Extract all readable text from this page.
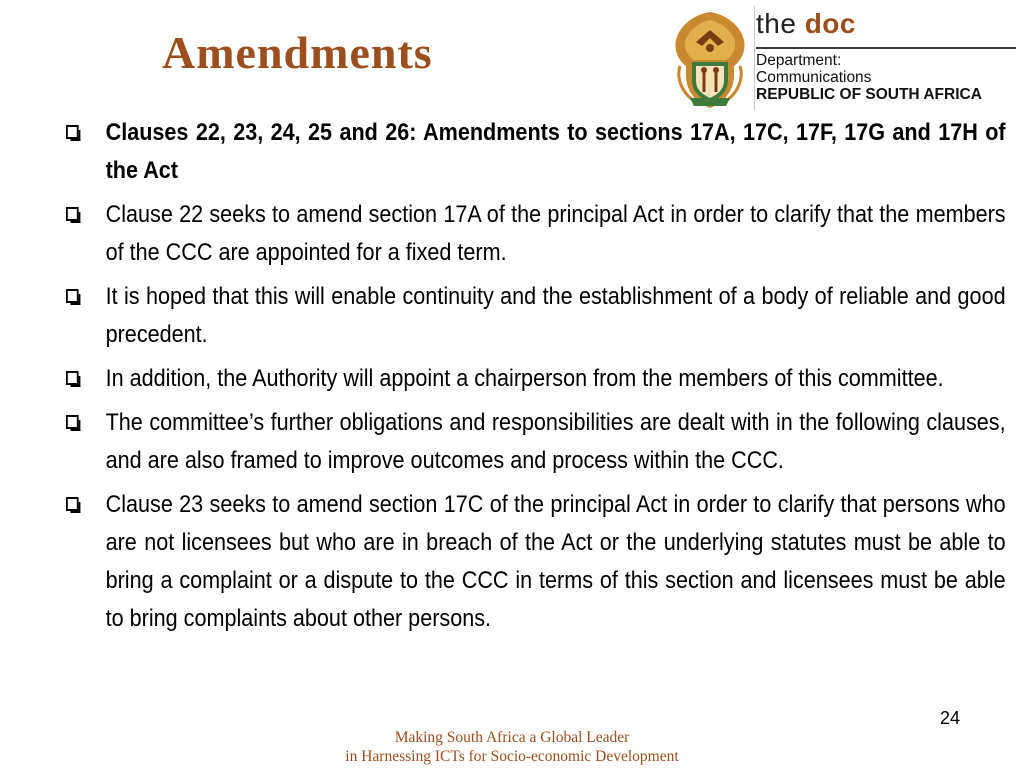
Amendments
the doc
Department:
Communications
REPUBLIC OF SOUTH AFRICA
Clauses 22, 23, 24, 25 and 26: Amendments to sections 17A, 17C, 17F, 17G and 17H of the Act
Clause 22 seeks to amend section 17A of the principal Act in order to clarify that the members of the CCC are appointed for a fixed term.
It is hoped that this will enable continuity and the establishment of a body of reliable and good precedent.
In addition, the Authority will appoint a chairperson from the members of this committee.
The committee’s further obligations and responsibilities are dealt with in the following clauses, and are also framed to improve outcomes and process within the CCC.
Clause 23 seeks to amend section 17C of the principal Act in order to clarify that persons who are not licensees but who are in breach of the Act or the underlying statutes must be able to bring a complaint or a dispute to the CCC in terms of this section and licensees must be able to bring complaints about other persons.
24
Making South Africa a Global Leader
in Harnessing ICTs for Socio-economic Development
